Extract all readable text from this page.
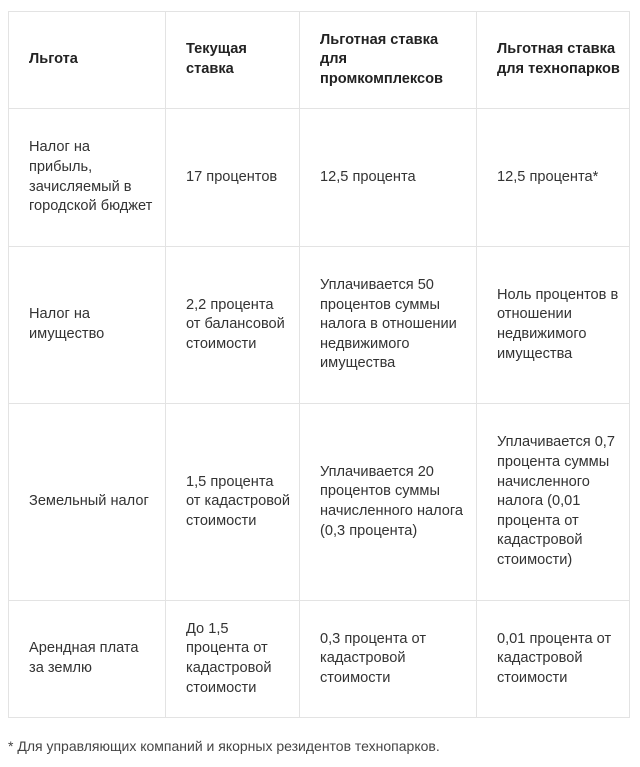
Льгота	Текущая ставка	Льготная ставка для промкомплексов	Льготная ставка для технопарков
Налог на прибыль, зачисляемый в городской бюджет	17 процентов	12,5 процента	12,5 процента*
Налог на имущество	2,2 процента от балансовой стоимости	Уплачивается 50 процентов суммы налога в отношении недвижимого имущества	Ноль процентов в отношении недвижимого имущества
Земельный налог	1,5 процента от кадастровой стоимости	Уплачивается 20 процентов суммы начисленного налога (0,3 процента)	Уплачивается 0,7 процента суммы начисленного налога (0,01 процента от кадастровой стоимости)
Арендная плата за землю	До 1,5 процента от кадастровой стоимости	0,3 процента от кадастровой стоимости	0,01 процента от кадастровой стоимости
* Для управляющих компаний и якорных резидентов технопарков.
